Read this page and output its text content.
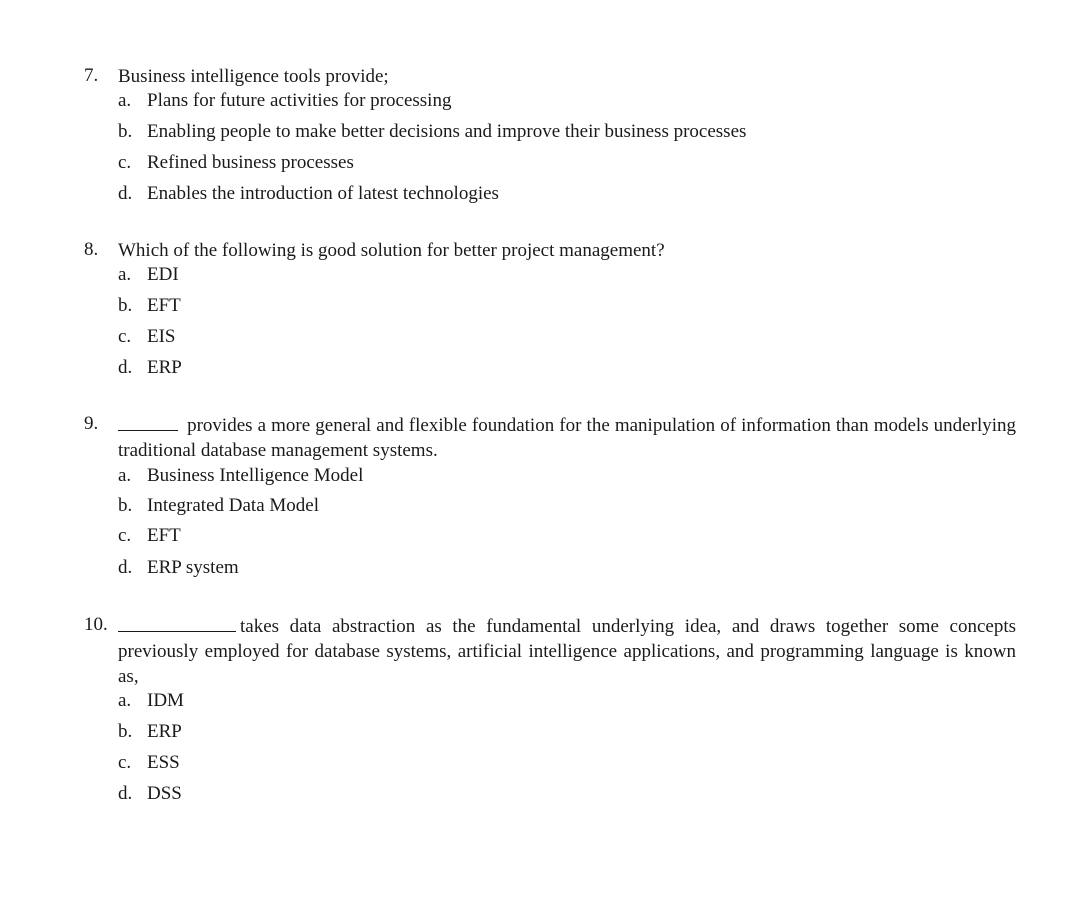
7. Business intelligence tools provide;
a. Plans for future activities for processing
b. Enabling people to make better decisions and improve their business processes
c. Refined business processes
d. Enables the introduction of latest technologies
8. Which of the following is good solution for better project management?
a. EDI
b. EFT
c. EIS
d. ERP
9.	provides a more general and flexible foundation for the manipulation of information than models underlying traditional database management systems.
a. Business Intelligence Model
b. Integrated Data Model
c. EFT
d. ERP system
10.	takes data abstraction as the fundamental underlying idea, and draws together some concepts previously employed for database systems, artificial intelligence applications, and programming language is known as,
a. IDM
b. ERP
c. ESS
d. DSS
